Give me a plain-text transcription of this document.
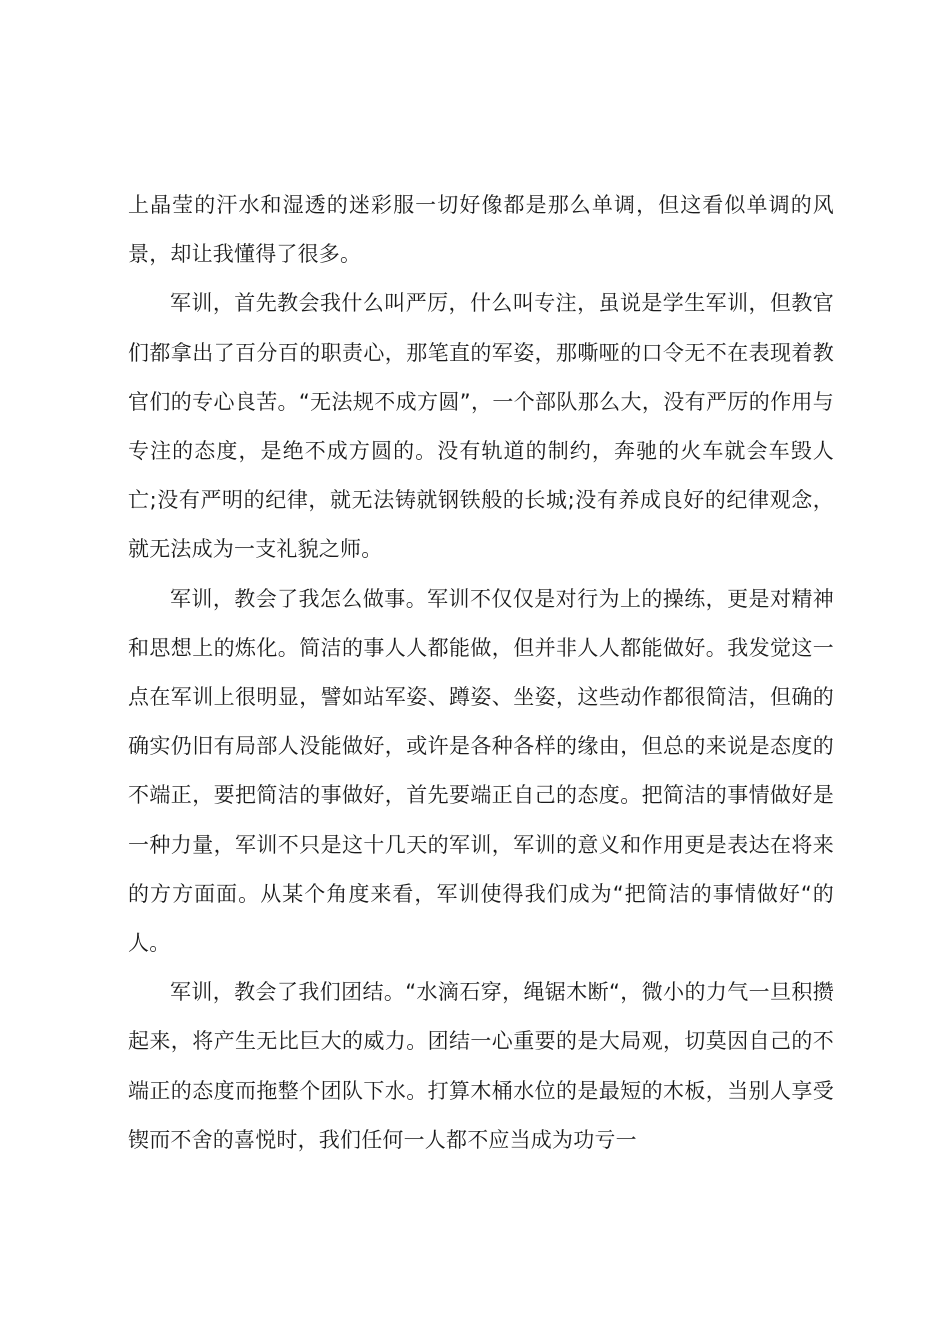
上晶莹的汗水和湿透的迷彩服一切好像都是那么单调，但这看似单调的风景，却让我懂得了很多。

军训，首先教会我什么叫严厉，什么叫专注，虽说是学生军训，但教官们都拿出了百分百的职责心，那笔直的军姿，那嘶哑的口令无不在表现着教官们的专心良苦。“无法规不成方圆”，一个部队那么大，没有严厉的作用与专注的态度，是绝不成方圆的。没有轨道的制约，奔驰的火车就会车毁人亡;没有严明的纪律，就无法铸就钢铁般的长城;没有养成良好的纪律观念，就无法成为一支礼貌之师。

军训，教会了我怎么做事。军训不仅仅是对行为上的操练，更是对精神和思想上的炼化。简洁的事人人都能做，但并非人人都能做好。我发觉这一点在军训上很明显，譬如站军姿、蹲姿、坐姿，这些动作都很简洁，但确的确实仍旧有局部人没能做好，或许是各种各样的缘由，但总的来说是态度的不端正，要把简洁的事做好，首先要端正自己的态度。把简洁的事情做好是一种力量，军训不只是这十几天的军训，军训的意义和作用更是表达在将来的方方面面。从某个角度来看，军训使得我们成为“把简洁的事情做好“的人。

军训，教会了我们团结。“水滴石穿，绳锯木断“，微小的力气一旦积攒起来，将产生无比巨大的威力。团结一心重要的是大局观，切莫因自己的不端正的态度而拖整个团队下水。打算木桶水位的是最短的木板，当别人享受锲而不舍的喜悦时，我们任何一人都不应当成为功亏一
